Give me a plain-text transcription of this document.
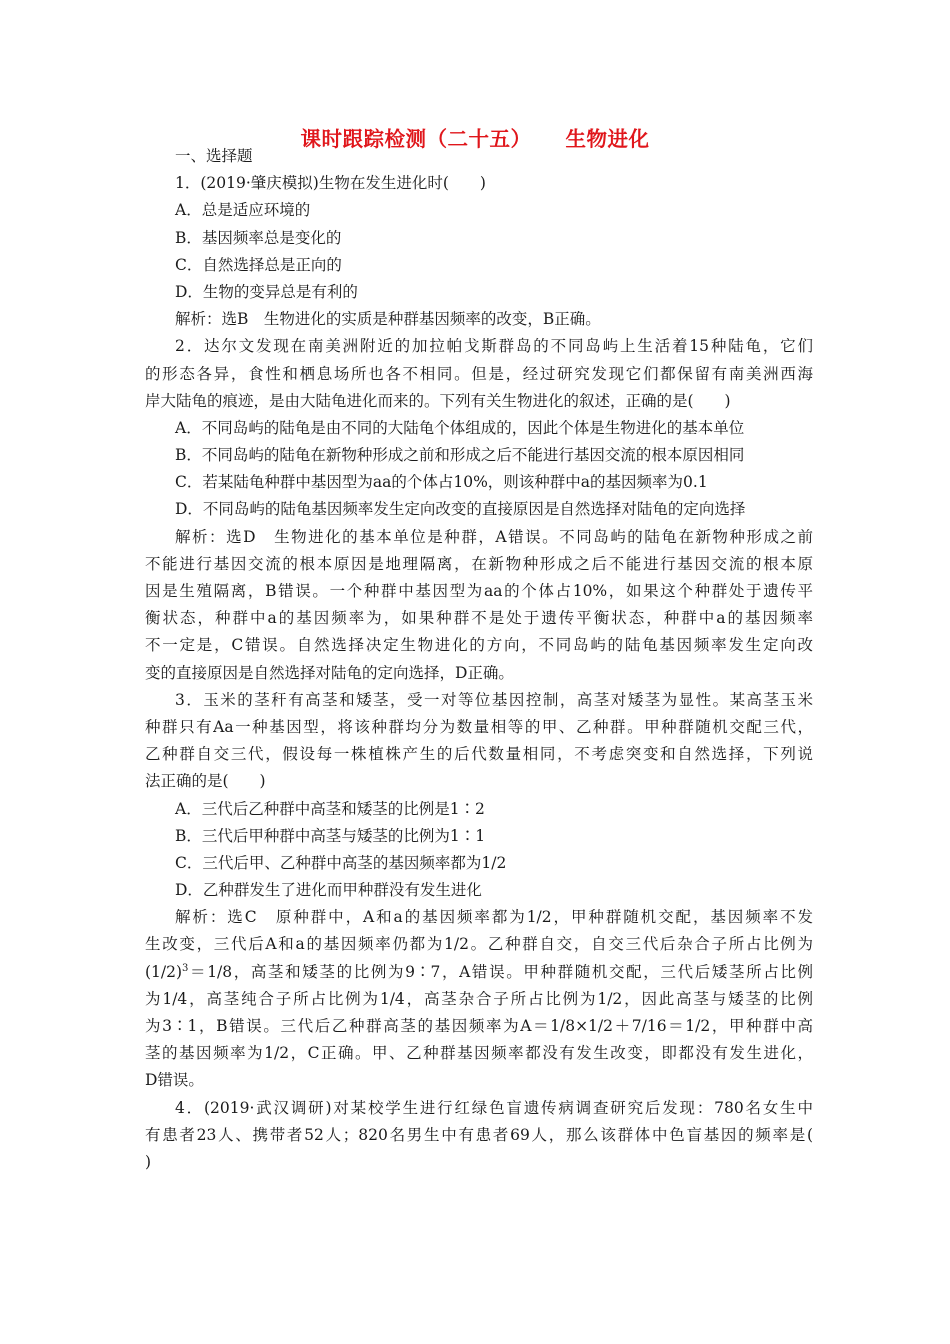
课时跟踪检测（二十五） 生物进化
一、选择题
1．(2019·肇庆模拟)生物在发生进化时(　　)
A．总是适应环境的
B．基因频率总是变化的
C．自然选择总是正向的
D．生物的变异总是有利的
解析：选B　生物进化的实质是种群基因频率的改变，B正确。
2．达尔文发现在南美洲附近的加拉帕戈斯群岛的不同岛屿上生活着15种陆龟，它们
的形态各异，食性和栖息场所也各不相同。但是，经过研究发现它们都保留有南美洲西海
岸大陆龟的痕迹，是由大陆龟进化而来的。下列有关生物进化的叙述，正确的是(　　)
A．不同岛屿的陆龟是由不同的大陆龟个体组成的，因此个体是生物进化的基本单位
B．不同岛屿的陆龟在新物种形成之前和形成之后不能进行基因交流的根本原因相同
C．若某陆龟种群中基因型为aa的个体占10%，则该种群中a的基因频率为0.1
D．不同岛屿的陆龟基因频率发生定向改变的直接原因是自然选择对陆龟的定向选择
解析：选D　生物进化的基本单位是种群，A错误。不同岛屿的陆龟在新物种形成之前
不能进行基因交流的根本原因是地理隔离，在新物种形成之后不能进行基因交流的根本原
因是生殖隔离，B错误。一个种群中基因型为aa的个体占10%，如果这个种群处于遗传平
衡状态，种群中a的基因频率为，如果种群不是处于遗传平衡状态，种群中a的基因频率
不一定是，C错误。自然选择决定生物进化的方向，不同岛屿的陆龟基因频率发生定向改
变的直接原因是自然选择对陆龟的定向选择，D正确。
3．玉米的茎秆有高茎和矮茎，受一对等位基因控制，高茎对矮茎为显性。某高茎玉米
种群只有Aa一种基因型，将该种群均分为数量相等的甲、乙种群。甲种群随机交配三代，
乙种群自交三代，假设每一株植株产生的后代数量相同，不考虑突变和自然选择，下列说
法正确的是(　　)
A．三代后乙种群中高茎和矮茎的比例是1∶2
B．三代后甲种群中高茎与矮茎的比例为1∶1
C．三代后甲、乙种群中高茎的基因频率都为1/2
D．乙种群发生了进化而甲种群没有发生进化
解析：选C　原种群中，A和a的基因频率都为1/2，甲种群随机交配，基因频率不发
生改变，三代后A和a的基因频率仍都为1/2。乙种群自交，自交三代后杂合子所占比例为
$(1/2)^3=1/8$，高茎和矮茎的比例为9∶7，A错误。甲种群随机交配，三代后矮茎所占比例
为1/4，高茎纯合子所占比例为1/4，高茎杂合子所占比例为1/2，因此高茎与矮茎的比例
为3∶1，B错误。三代后乙种群高茎的基因频率为A＝1/8×1/2＋7/16＝1/2，甲种群中高
茎的基因频率为1/2，C正确。甲、乙种群基因频率都没有发生改变，即都没有发生进化，
D错误。
4．(2019·武汉调研)对某校学生进行红绿色盲遗传病调查研究后发现：780名女生中
有患者23人、携带者52人；820名男生中有患者69人，那么该群体中色盲基因的频率是(
)
